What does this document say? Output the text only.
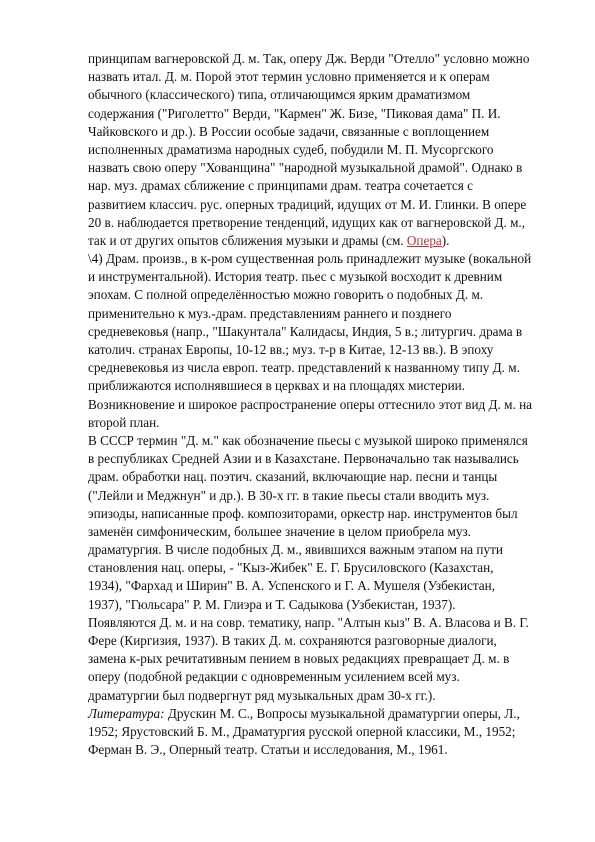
принципам вагнеровской Д. м. Так, оперу Дж. Верди "Отелло" условно можно
назвать итал. Д. м. Порой этот термин условно применяется и к операм
обычного (классического) типа, отличающимся ярким драматизмом
содержания ("Риголетто" Верди, "Кармен" Ж. Бизе, "Пиковая дама" П. И.
Чайковского и др.). В России особые задачи, связанные с воплощением
исполненных драматизма народных судеб, побудили М. П. Мусоргского
назвать свою оперу "Хованщина" "народной музыкальной драмой". Однако в
нар. муз. драмах сближение с принципами драм. театра сочетается с
развитием классич. рус. оперных традиций, идущих от М. И. Глинки. В опере
20 в. наблюдается претворение тенденций, идущих как от вагнеровской Д. м.,
так и от других опытов сближения музыки и драмы (см. Опера).
\4) Драм. произв., в к-ром существенная роль принадлежит музыке (вокальной
и инструментальной). История театр. пьес с музыкой восходит к древним
эпохам. С полной определённостью можно говорить о подобных Д. м.
применительно к муз.-драм. представлениям раннего и позднего
средневековья (напр., "Шакунтала" Калидасы, Индия, 5 в.; литургич. драма в
католич. странах Европы, 10-12 вв.; муз. т-р в Китае, 12-13 вв.). В эпоху
средневековья из числа европ. театр. представлений к названному типу Д. м.
приближаются исполнявшиеся в церквах и на площадях мистерии.
Возникновение и широкое распространение оперы оттеснило этот вид Д. м. на
второй план.
В СССР термин "Д. м." как обозначение пьесы с музыкой широко применялся
в республиках Средней Азии и в Казахстане. Первоначально так назывались
драм. обработки нац. поэтич. сказаний, включающие нар. песни и танцы
("Лейли и Меджнун" и др.). В 30-х гг. в такие пьесы стали вводить муз.
эпизоды, написанные проф. композиторами, оркестр нар. инструментов был
заменён симфоническим, большее значение в целом приобрела муз.
драматургия. В числе подобных Д. м., явившихся важным этапом на пути
становления нац. оперы, - "Кыз-Жибек" Е. Г. Брусиловского (Казахстан,
1934), "Фархад и Ширин" В. А. Успенского и Г. А. Мушеля (Узбекистан,
1937), "Гюльсара" Р. М. Глиэра и Т. Садыкова (Узбекистан, 1937).
Появляются Д. м. и на совр. тематику, напр. "Алтын кыз" В. А. Власова и В. Г.
Фере (Киргизия, 1937). В таких Д. м. сохраняются разговорные диалоги,
замена к-рых речитативным пением в новых редакциях превращает Д. м. в
оперу (подобной редакции с одновременным усилением всей муз.
драматургии был подвергнут ряд музыкальных драм 30-х гг.).
Литература: Друскин М. С., Вопросы музыкальной драматургии оперы, Л.,
1952; Ярустовский Б. М., Драматургия русской оперной классики, М., 1952;
Ферман В. Э., Оперный театр. Статьи и исследования, М., 1961.
